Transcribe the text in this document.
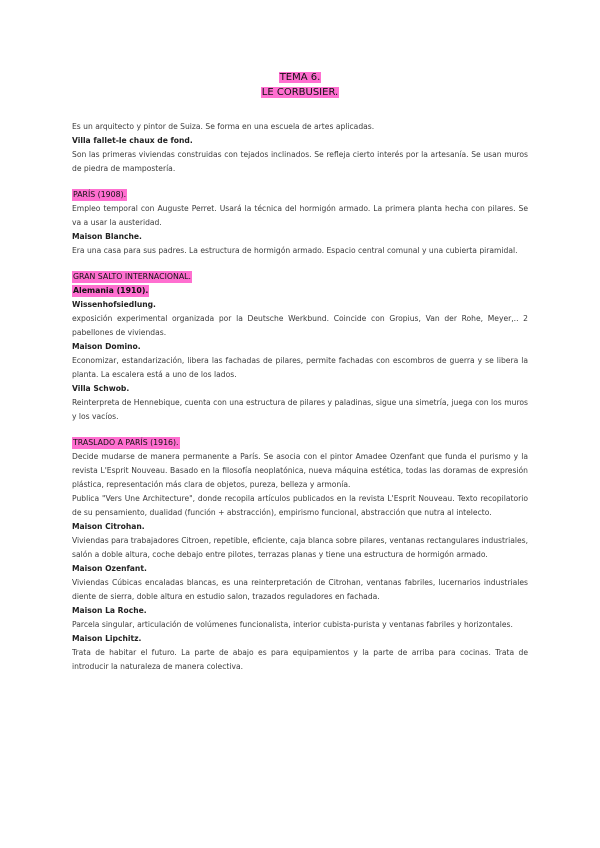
TEMA 6.
LE CORBUSIER.

Es un arquitecto y pintor de Suiza. Se forma en una escuela de artes aplicadas.

Villa fallet-le chaux de fond.

Son las primeras viviendas construidas con tejados inclinados. Se refleja cierto interés por la artesanía. Se usan muros de piedra de mampostería.

PARÍS (1908).

Empleo temporal con Auguste Perret. Usará la técnica del hormigón armado. La primera planta hecha con pilares. Se va a usar la austeridad.

Maison Blanche.

Era una casa para sus padres. La estructura de hormigón armado. Espacio central comunal y una cubierta piramidal.

GRAN SALTO INTERNACIONAL.

Alemania (1910).

Wissenhofsiedlung.

exposición experimental organizada por la Deutsche Werkbund. Coincide con Gropius, Van der Rohe, Meyer,.. 2 pabellones de viviendas.

Maison Domino.

Economizar, estandarización, libera las fachadas de pilares, permite fachadas con escombros de guerra y se libera la planta. La escalera está a uno de los lados.

Villa Schwob.

Reinterpreta de Hennebique, cuenta con una estructura de pilares y paladinas, sigue una simetría, juega con los muros y los vacíos.

TRASLADO A PARÍS (1916).

Decide mudarse de manera permanente a París. Se asocia con el pintor Amadee Ozenfant que funda el purismo y la revista L'Esprit Nouveau. Basado en la filosofía neoplatónica, nueva máquina estética, todas las doramas de expresión plástica, representación más clara de objetos, pureza, belleza y armonía.

Publica "Vers Une Architecture", donde recopila artículos publicados en la revista L'Esprit Nouveau. Texto recopilatorio de su pensamiento, dualidad (función + abstracción), empirismo funcional, abstracción que nutra al intelecto.

Maison Citrohan.

Viviendas para trabajadores Citroen, repetible, eficiente, caja blanca sobre pilares, ventanas rectangulares industriales, salón a doble altura, coche debajo entre pilotes, terrazas planas y tiene una estructura de hormigón armado.

Maison Ozenfant.

Viviendas Cúbicas encaladas blancas, es una reinterpretación de Citrohan, ventanas fabriles, lucernarios industriales diente de sierra, doble altura en estudio salon, trazados reguladores en fachada.

Maison La Roche.

Parcela singular, articulación de volúmenes funcionalista, interior cubista-purista y ventanas fabriles y horizontales.

Maison Lipchitz.

Trata de habitar el futuro. La parte de abajo es para equipamientos y la parte de arriba para cocinas. Trata de introducir la naturaleza de manera colectiva.
